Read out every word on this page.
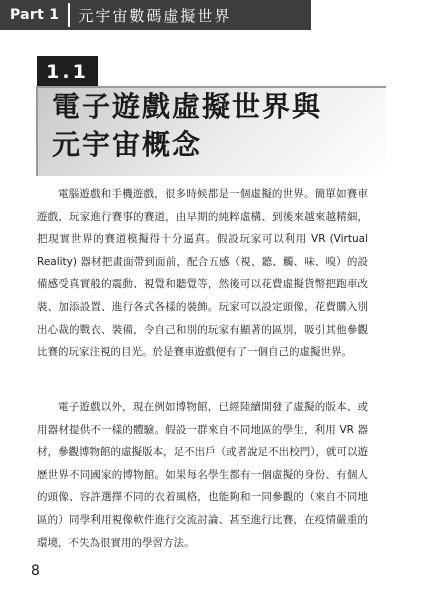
Part 1 元宇宙數碼虛擬世界
1.1
電子遊戲虛擬世界與
元宇宙概念

電腦遊戲和手機遊戲，很多時候都是一個虛擬的世界。簡單如賽車遊戲，玩家進行賽事的賽道，由早期的純粹虛構、到後來越來越精細，把現實世界的賽道模擬得十分逼真。假設玩家可以利用 VR (Virtual Reality) 器材把畫面帶到面前，配合五感（視、聽、觸、味、嗅）的設備感受真實般的震動、視覺和聽覺等，然後可以花費虛擬貨幣把跑車改裝、加添設置、進行各式各樣的裝飾。玩家可以設定頭像，花費購入別出心裁的戰衣、裝備，令自己和別的玩家有顯著的區別，吸引其他參觀比賽的玩家注視的目光。於是賽車遊戲便有了一個自己的虛擬世界。

電子遊戲以外，現在例如博物館，已經陸續開發了虛擬的版本、或用器材提供不一樣的體驗。假設一群來自不同地區的學生，利用 VR 器材，參觀博物館的虛擬版本，足不出戶（或者說足不出校門），就可以遊歷世界不同國家的博物館。如果每名學生都有一個虛擬的身份、有個人的頭像、容許選擇不同的衣着風格，也能夠和一同參觀的（來自不同地區的）同學利用視像軟件進行交流討論、甚至進行比賽，在疫情嚴重的環境，不失為很實用的學習方法。

8
